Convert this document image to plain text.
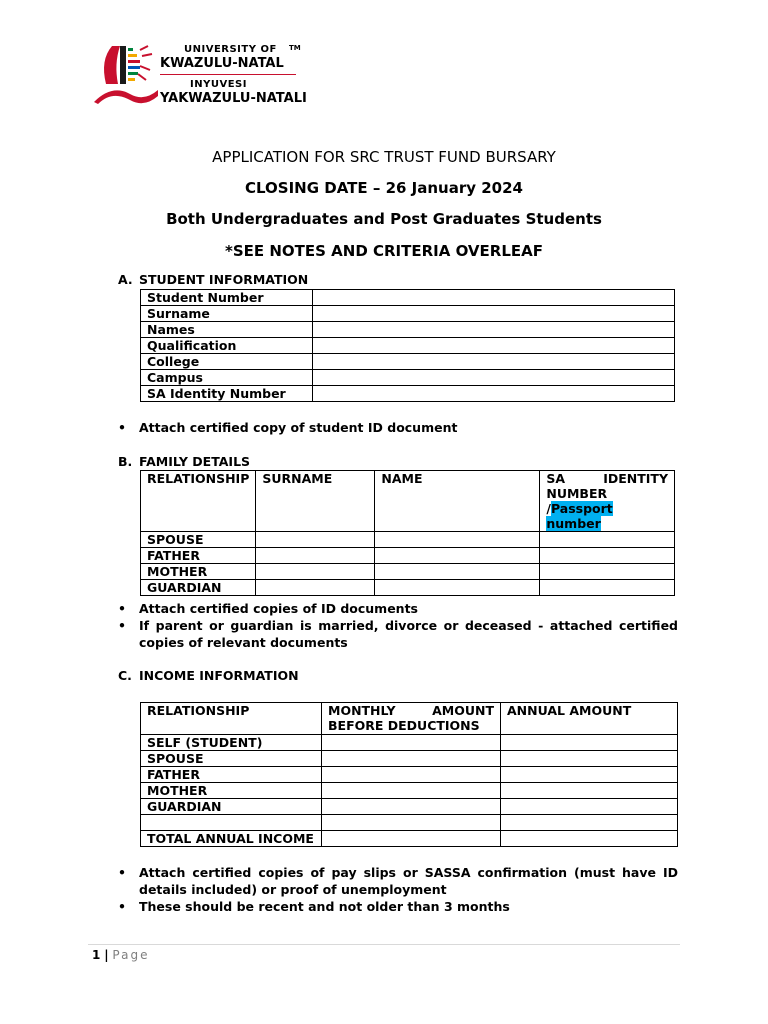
UNIVERSITY OF
KWAZULU-NATAL
INYUVESI
YAKWAZULU-NATALI
TM
APPLICATION FOR SRC TRUST FUND BURSARY
CLOSING DATE – 26 January 2024
Both Undergraduates and Post Graduates Students
*SEE NOTES AND CRITERIA OVERLEAF
A. STUDENT INFORMATION
Student Number	
Surname	
Names	
Qualification	
College	
Campus	
SA Identity Number	
• Attach certified copy of student ID document
B. FAMILY DETAILS
RELATIONSHIP	SURNAME	NAME	SA IDENTITY
NUMBER /Passport
number

SPOUSE			
FATHER			
MOTHER			
GUARDIAN			
• Attach certified copies of ID documents
• If parent or guardian is married, divorce or deceased - attached certified copies of relevant documents
C. INCOME INFORMATION
RELATIONSHIP	MONTHLY AMOUNT BEFORE DEDUCTIONS	ANNUAL AMOUNT
SELF (STUDENT)		
SPOUSE		
FATHER		
MOTHER		
GUARDIAN		

TOTAL ANNUAL INCOME		
• Attach certified copies of pay slips or SASSA confirmation (must have ID details included) or proof of unemployment
• These should be recent and not older than 3 months
1 | Page
